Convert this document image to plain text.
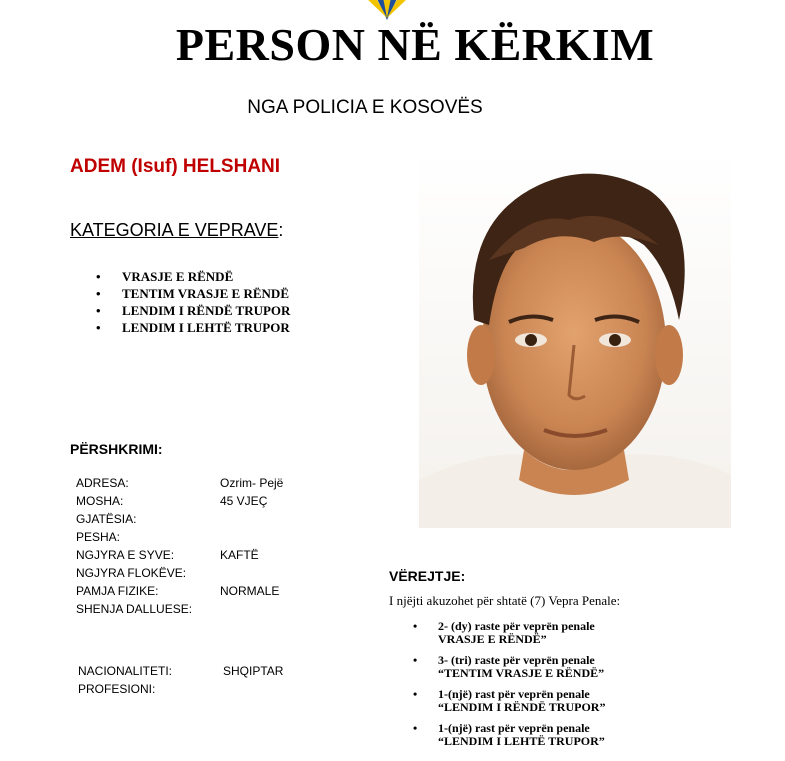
PERSON NË KËRKIM
NGA POLICIA E KOSOVËS
ADEM (Isuf) HELSHANI
KATEGORIA E VEPRAVE:
• VRASJE E RËNDË
• TENTIM VRASJE E RËNDË
• LENDIM I RËNDË TRUPOR
• LENDIM I LEHTË TRUPOR
PËRSHKRIMI:
ADRESA:	Ozrim- Pejë
MOSHA:	45 VJEÇ
GJATËSIA:
PESHA:
NGJYRA E SYVE:	KAFTË
NGJYRA FLOKËVE:
PAMJA FIZIKE:	NORMALE
SHENJA DALLUESE:
NACIONALITETI:	SHQIPTAR
PROFESIONI:
VËREJTJE:
I njëjti akuzohet për shtatë (7) Vepra Penale:
• 2- (dy) raste për veprën penale
VRASJE E RËNDË”
• 3- (tri) raste për veprën penale
“TENTIM VRASJE E RËNDË”
• 1-(një) rast për veprën penale
“LENDIM I RËNDË TRUPOR”
• 1-(një) rast për veprën penale
“LENDIM I LEHTË TRUPOR”
